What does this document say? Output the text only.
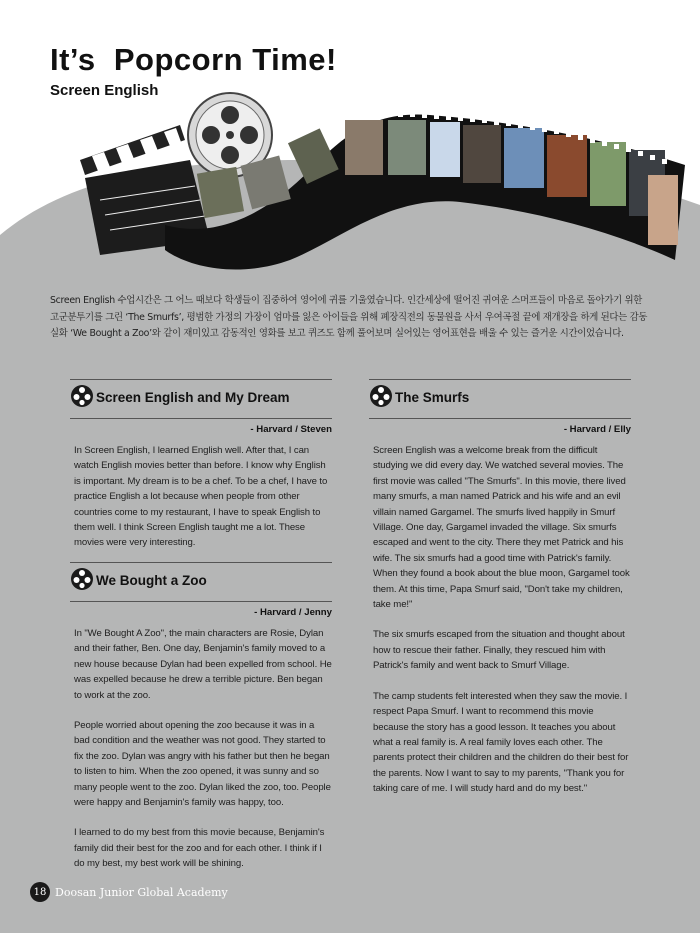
It’s  Popcorn Time!
Screen English

Screen English 수업시간은 그 어느 때보다 학생들이 집중하여 영어에 귀를 기울였습니다. 인간세상에 떨어진 귀여운 스머프들이 마음로 돌아가기 위한 고군분투기를 그린 ‘The Smurfs’, 평범한 가정의 가장이 엄마를 잃은 아이들을 위해 폐장직전의 동물원을 사서 우여곡절 끝에 재개장을 하게 된다는 감동실화 ‘We Bought a Zoo’와 같이 재미있고 감동적인 영화를 보고 퀴즈도 함께 풀어보며 실어있는 영어표현을 배울 수 있는 즐거운 시간이었습니다.

Screen English and My Dream
- Harvard / Steven

In Screen English, I learned English well. After that, I can watch English movies better than before. I know why English is important. My dream is to be a chef. To be a chef, I have to practice English a lot because when people from other countries come to my restaurant, I have to speak English to them well. I think Screen English taught me a lot. These movies were very interesting.

We Bought a Zoo
- Harvard / Jenny

In "We Bought A Zoo", the main characters are Rosie, Dylan and their father, Ben. One day, Benjamin's family moved to a new house because Dylan had been expelled from school. He was expelled because he drew a terrible picture. Ben began to work at the zoo.

People worried about opening the zoo because it was in a bad condition and the weather was not good. They started to fix the zoo. Dylan was angry with his father but then he began to listen to him. When the zoo opened, it was sunny and so many people went to the zoo. Dylan liked the zoo, too. People were happy and Benjamin's family was happy, too.

I learned to do my best from this movie because, Benjamin's family did their best for the zoo and for each other. I think if I do my best, my best work will be shining.

The Smurfs
- Harvard / Elly

Screen English was a welcome break from the difficult studying we did every day. We watched several movies. The first movie was called "The Smurfs". In this movie, there lived many smurfs, a man named Patrick and his wife and an evil villain named Gargamel. The smurfs lived happily in Smurf Village. One day, Gargamel invaded the village. Six smurfs escaped and went to the city. There they met Patrick and his wife. The six smurfs had a good time with Patrick's family. When they found a book about the blue moon, Gargamel took them. At this time, Papa Smurf said, "Don't take my children, take me!"

The six smurfs escaped from the situation and thought about how to rescue their father. Finally, they rescued him with Patrick's family and went back to Smurf Village.

The camp students felt interested when they saw the movie. I respect Papa Smurf. I want to recommend this movie because the story has a good lesson. It teaches you about what a real family is. A real family loves each other. The parents protect their children and the children do their best for the parents. Now I want to say to my parents, "Thank you for taking care of me. I will study hard and do my best."

18 Doosan Junior Global Academy
